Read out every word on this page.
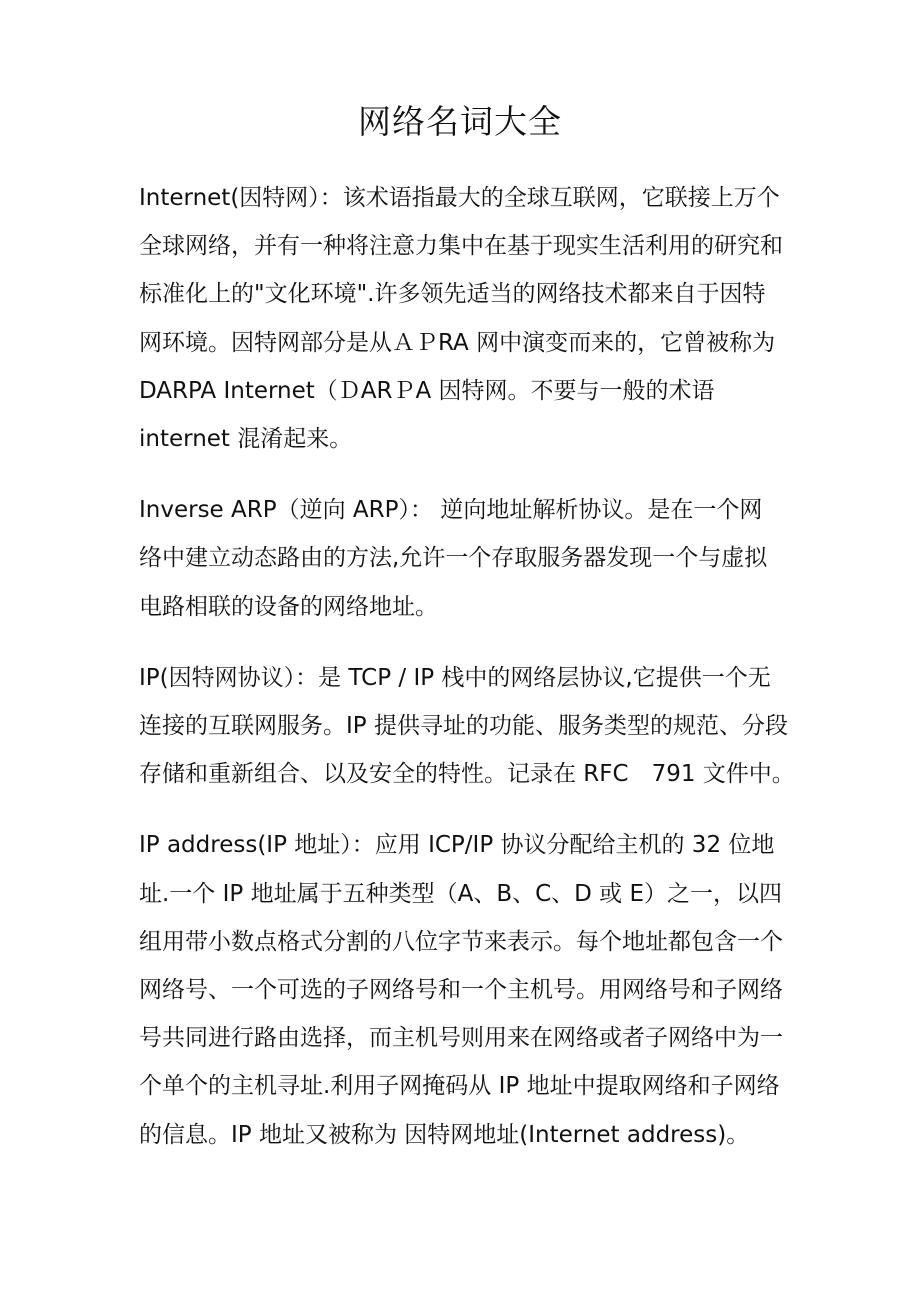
网络名词大全

Internet(因特网）：该术语指最大的全球互联网，它联接上万个
全球网络，并有一种将注意力集中在基于现实生活利用的研究和
标准化上的"文化环境".许多领先适当的网络技术都来自于因特
网环境。因特网部分是从ＡＰRA 网中演变而来的，它曾被称为
DARPA Internet（ＤARＰA 因特网。不要与一般的术语
internet 混淆起来。

Inverse ARP（逆向 ARP）： 逆向地址解析协议。是在一个网
络中建立动态路由的方法,允许一个存取服务器发现一个与虚拟
电路相联的设备的网络地址。

IP(因特网协议）：是 TCP / IP 栈中的网络层协议,它提供一个无
连接的互联网服务。IP 提供寻址的功能、服务类型的规范、分段
存储和重新组合、以及安全的特性。记录在 RFC　791 文件中。

IP address(IP 地址）：应用 ICP/IP 协议分配给主机的 32 位地
址.一个 IP 地址属于五种类型（A、B、C、D 或 E）之一，以四
组用带小数点格式分割的八位字节来表示。每个地址都包含一个
网络号、一个可选的子网络号和一个主机号。用网络号和子网络
号共同进行路由选择，而主机号则用来在网络或者子网络中为一
个单个的主机寻址.利用子网掩码从 IP 地址中提取网络和子网络
的信息。IP 地址又被称为 因特网地址(Internet address)。
